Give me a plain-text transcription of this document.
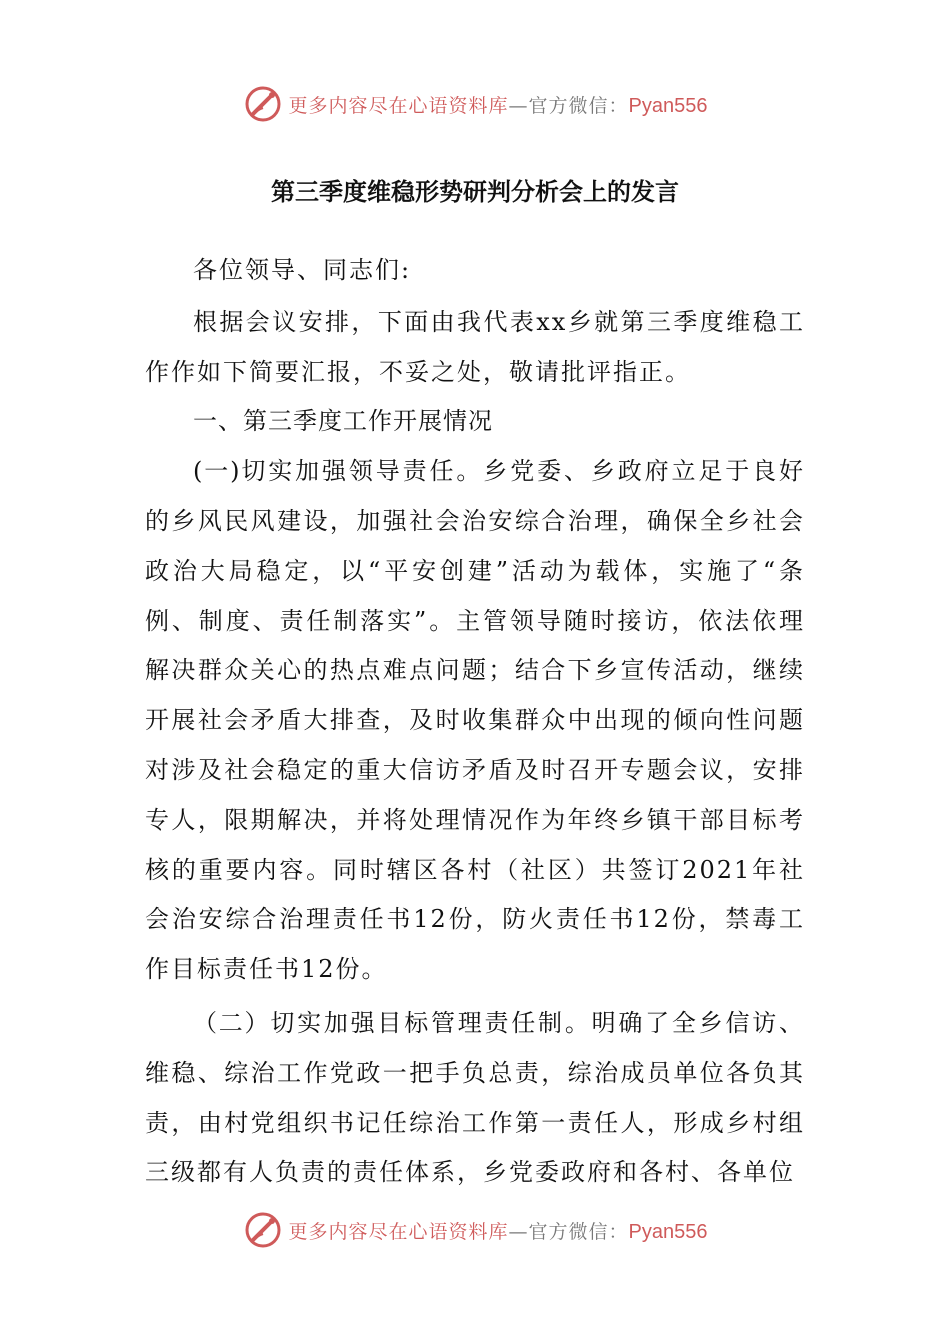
更多内容尽在心语资料库—官方微信：Pyan556
第三季度维稳形势研判分析会上的发言

各位领导、同志们:

根据会议安排，下面由我代表xx乡就第三季度维稳工作作如下简要汇报，不妥之处，敬请批评指正。

一、第三季度工作开展情况

(一)切实加强领导责任。乡党委、乡政府立足于良好的乡风民风建设，加强社会治安综合治理，确保全乡社会政治大局稳定，以“平安创建”活动为载体，实施了“条例、制度、责任制落实”。主管领导随时接访，依法依理解决群众关心的热点难点问题；结合下乡宣传活动，继续开展社会矛盾大排查，及时收集群众中出现的倾向性问题对涉及社会稳定的重大信访矛盾及时召开专题会议，安排专人，限期解决，并将处理情况作为年终乡镇干部目标考核的重要内容。同时辖区各村（社区）共签订2021年社会治安综合治理责任书12份，防火责任书12份，禁毒工作目标责任书12份。

（二）切实加强目标管理责任制。明确了全乡信访、维稳、综治工作党政一把手负总责，综治成员单位各负其责，由村党组织书记任综治工作第一责任人，形成乡村组三级都有人负责的责任体系，乡党委政府和各村、各单位

更多内容尽在心语资料库—官方微信：Pyan556
